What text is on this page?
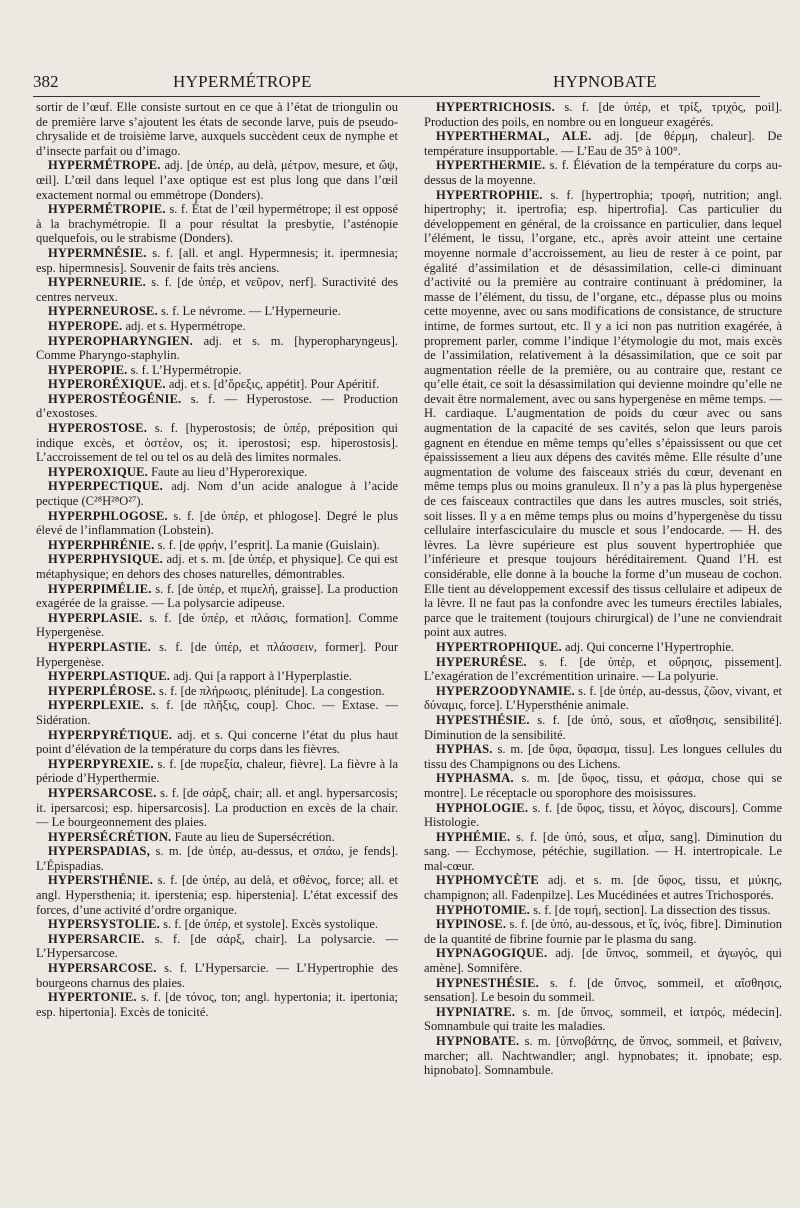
382	HYPERMÉTROPE	HYPNOBATE

sortir de l’œuf. Elle consiste surtout en ce que à l’état de triongulin ou de première larve s’ajoutent les états de seconde larve, puis de pseudo-chrysalide et de troisième larve, auxquels succèdent ceux de nymphe et d’insecte parfait ou d’imago.

HYPERMÉTROPE. adj. [de ὑπέρ, au delà, μέτρον, mesure, et ὤψ, œil]. L’œil dans lequel l’axe optique est est plus long que dans l’œil exactement normal ou emmétrope (Donders).

HYPERMÉTROPIE. s. f. État de l’œil hypermétrope; il est opposé à la brachymétropie. Il a pour résultat la presbytie, l’asténopie quelquefois, ou le strabisme (Donders).

HYPERMNÉSIE. s. f. [all. et angl. Hypermnesis; it. ipermnesia; esp. hipermnesis]. Souvenir de faits très anciens.

HYPERNEURIE. s. f. [de ὑπέρ, et νεῦρον, nerf]. Suractivité des centres nerveux.

HYPERNEUROSE. s. f. Le névrome. — L’Hyperneurie.

HYPEROPE. adj. et s. Hypermétrope.

HYPEROPHARYNGIEN. adj. et s. m. [hyperopharyngeus]. Comme Pharyngo-staphylin.

HYPEROPIE. s. f. L’Hypermétropie.

HYPERORÉXIQUE. adj. et s. [d’ὄρεξις, appétit]. Pour Apéritif.

HYPEROSTÉOGÉNIE. s. f. — Hyperostose. — Production d’exostoses.

HYPEROSTOSE. s. f. [hyperostosis; de ὑπέρ, préposition qui indique excès, et ὀστέον, os; it. iperostosi; esp. hiperostosis]. L’accroissement de tel ou tel os au delà des limites normales.

HYPEROXIQUE. Faute au lieu d’Hyperorexique.

HYPERPECTIQUE. adj. Nom d’un acide analogue à l’acide pectique (C²⁸H²⁸O²⁷).

HYPERPHLOGOSE. s. f. [de ὑπέρ, et phlogose]. Degré le plus élevé de l’inflammation (Lobstein).

HYPERPHRÉNIE. s. f. [de φρήν, l’esprit]. La manie (Guislain).

HYPERPHYSIQUE. adj. et s. m. [de ὑπέρ, et physique]. Ce qui est métaphysique; en dehors des choses naturelles, démontrables.

HYPERPIMÉLIE. s. f. [de ὑπέρ, et πιμελή, graisse]. La production exagérée de la graisse. — La polysarcie adipeuse.

HYPERPLASIE. s. f. [de ὑπέρ, et πλάσις, formation]. Comme Hypergenèse.

HYPERPLASTIE. s. f. [de ὑπέρ, et πλάσσειν, former]. Pour Hypergenèse.

HYPERPLASTIQUE. adj. Qui [a rapport à l’Hyperplastie.

HYPERPLÉROSE. s. f. [de πλήρωσις, plénitude]. La congestion.

HYPERPLEXIE. s. f. [de πλῆξις, coup]. Choc. — Extase. — Sidération.

HYPERPYRÉTIQUE. adj. et s. Qui concerne l’état du plus haut point d’élévation de la température du corps dans les fièvres.

HYPERPYREXIE. s. f. [de πυρεξία, chaleur, fièvre]. La fièvre à la période d’Hyperthermie.

HYPERSARCOSE. s. f. [de σάρξ, chair; all. et angl. hypersarcosis; it. ipersarcosi; esp. hipersarcosis]. La production en excès de la chair. — Le bourgeonnement des plaies.

HYPERSÉCRÉTION. Faute au lieu de Supersécrétion.

HYPERSPADIAS, s. m. [de ὑπέρ, au-dessus, et σπάω, je fends]. L’Épispadias.

HYPERSTHÉNIE. s. f. [de ὑπέρ, au delà, et σθένος, force; all. et angl. Hypersthenia; it. iperstenia; esp. hiperstenia]. L’état excessif des forces, d’une activité d’ordre organique.

HYPERSYSTOLIE. s. f. [de ὑπέρ, et systole]. Excès systolique.

HYPERSARCIE. s. f. [de σάρξ, chair]. La polysarcie. — L’Hypersarcose.

HYPERSARCOSE. s. f. L’Hypersarcie. — L’Hypertrophie des bourgeons charnus des plaies.

HYPERTONIE. s. f. [de τόνος, ton; angl. hypertonia; it. ipertonia; esp. hipertonia]. Excès de tonicité.

HYPERTRICHOSIS. s. f. [de ὑπέρ, et τρίξ, τριχός, poil]. Production des poils, en nombre ou en longueur exagérés.

HYPERTHERMAL, ALE. adj. [de θέρμη, chaleur]. De température insupportable. — L’Eau de 35° à 100°.

HYPERTHERMIE. s. f. Élévation de la température du corps au-dessus de la moyenne.

HYPERTROPHIE. s. f. [hypertrophia; τροφή, nutrition; angl. hipertrophy; it. ipertrofia; esp. hipertrofia]. Cas particulier du développement en général, de la croissance en particulier, dans lequel l’élément, le tissu, l’organe, etc., après avoir atteint une certaine moyenne normale d’accroissement, au lieu de rester à ce point, par égalité d’assimilation et de désassimilation, celle-ci diminuant d’activité ou la première au contraire continuant à prédominer, la masse de l’élément, du tissu, de l’organe, etc., dépasse plus ou moins cette moyenne, avec ou sans modifications de consistance, de structure intime, de formes surtout, etc. Il y a ici non pas nutrition exagérée, à proprement parler, comme l’indique l’étymologie du mot, mais excès de l’assimilation, relativement à la désassimilation, que ce soit par augmentation réelle de la première, ou au contraire que, restant ce qu’elle était, ce soit la désassimilation qui devienne moindre qu’elle ne devait être normalement, avec ou sans hypergenèse en même temps. — H. cardiaque. L’augmentation de poids du cœur avec ou sans augmentation de la capacité de ses cavités, selon que leurs parois gagnent en étendue en même temps qu’elles s’épaississent ou que cet épaississement a lieu aux dépens des cavités même. Elle résulte d’une augmentation de volume des faisceaux striés du cœur, devenant en même temps plus ou moins granuleux. Il n’y a pas là plus hypergenèse de ces faisceaux contractiles que dans les autres muscles, soit striés, soit lisses. Il y a en même temps plus ou moins d’hypergenèse du tissu cellulaire interfasciculaire du muscle et sous l’endocarde. — H. des lèvres. La lèvre supérieure est plus souvent hypertrophiée que l’inférieure et presque toujours héréditairement. Quand l’H. est considérable, elle donne à la bouche la forme d’un museau de cochon. Elle tient au développement excessif des tissus cellulaire et adipeux de la lèvre. Il ne faut pas la confondre avec les tumeurs érectiles labiales, parce que le traitement (toujours chirurgical) de l’une ne conviendrait point aux autres.

HYPERTROPHIQUE. adj. Qui concerne l’Hypertrophie.

HYPERURÉSE. s. f. [de ὑπέρ, et οὔρησις, pissement]. L’exagération de l’excrémentition urinaire. — La polyurie.

HYPERZOODYNAMIE. s. f. [de ὑπέρ, au-dessus, ζῶον, vivant, et δύναμις, force]. L’Hypersthénie animale.

HYPESTHÉSIE. s. f. [de ὑπό, sous, et αἴσθησις, sensibilité]. Diminution de la sensibilité.

HYPHAS. s. m. [de ὕφα, ὕφασμα, tissu]. Les longues cellules du tissu des Champignons ou des Lichens.

HYPHASMA. s. m. [de ὕφος, tissu, et φάσμα, chose qui se montre]. Le réceptacle ou sporophore des moisissures.

HYPHOLOGIE. s. f. [de ὕφος, tissu, et λόγος, discours]. Comme Histologie.

HYPHÉMIE. s. f. [de ὑπό, sous, et αἷμα, sang]. Diminution du sang. — Ecchymose, pétéchie, sugillation. — H. intertropicale. Le mal-cœur.

HYPHOMYCÈTE adj. et s. m. [de ὕφος, tissu, et μύκης, champignon; all. Fadenpilze]. Les Mucédinées et autres Trichosporés.

HYPHOTOMIE. s. f. [de τομή, section]. La dissection des tissus.

HYPINOSE. s. f. [de ὑπό, au-dessous, et ἴς, ἰνός, fibre]. Diminution de la quantité de fibrine fournie par le plasma du sang.

HYPNAGOGIQUE. adj. [de ὕπνος, sommeil, et ἀγωγός, qui amène]. Somnifère.

HYPNESTHÉSIE. s. f. [de ὕπνος, sommeil, et αἴσθησις, sensation]. Le besoin du sommeil.

HYPNIATRE. s. m. [de ὕπνος, sommeil, et ἰατρός, médecin]. Somnambule qui traite les maladies.

HYPNOBATE. s. m. [ὑπνοβάτης, de ὕπνος, sommeil, et βαίνειν, marcher; all. Nachtwandler; angl. hypnobates; it. ipnobate; esp. hipnobato]. Somnambule.
